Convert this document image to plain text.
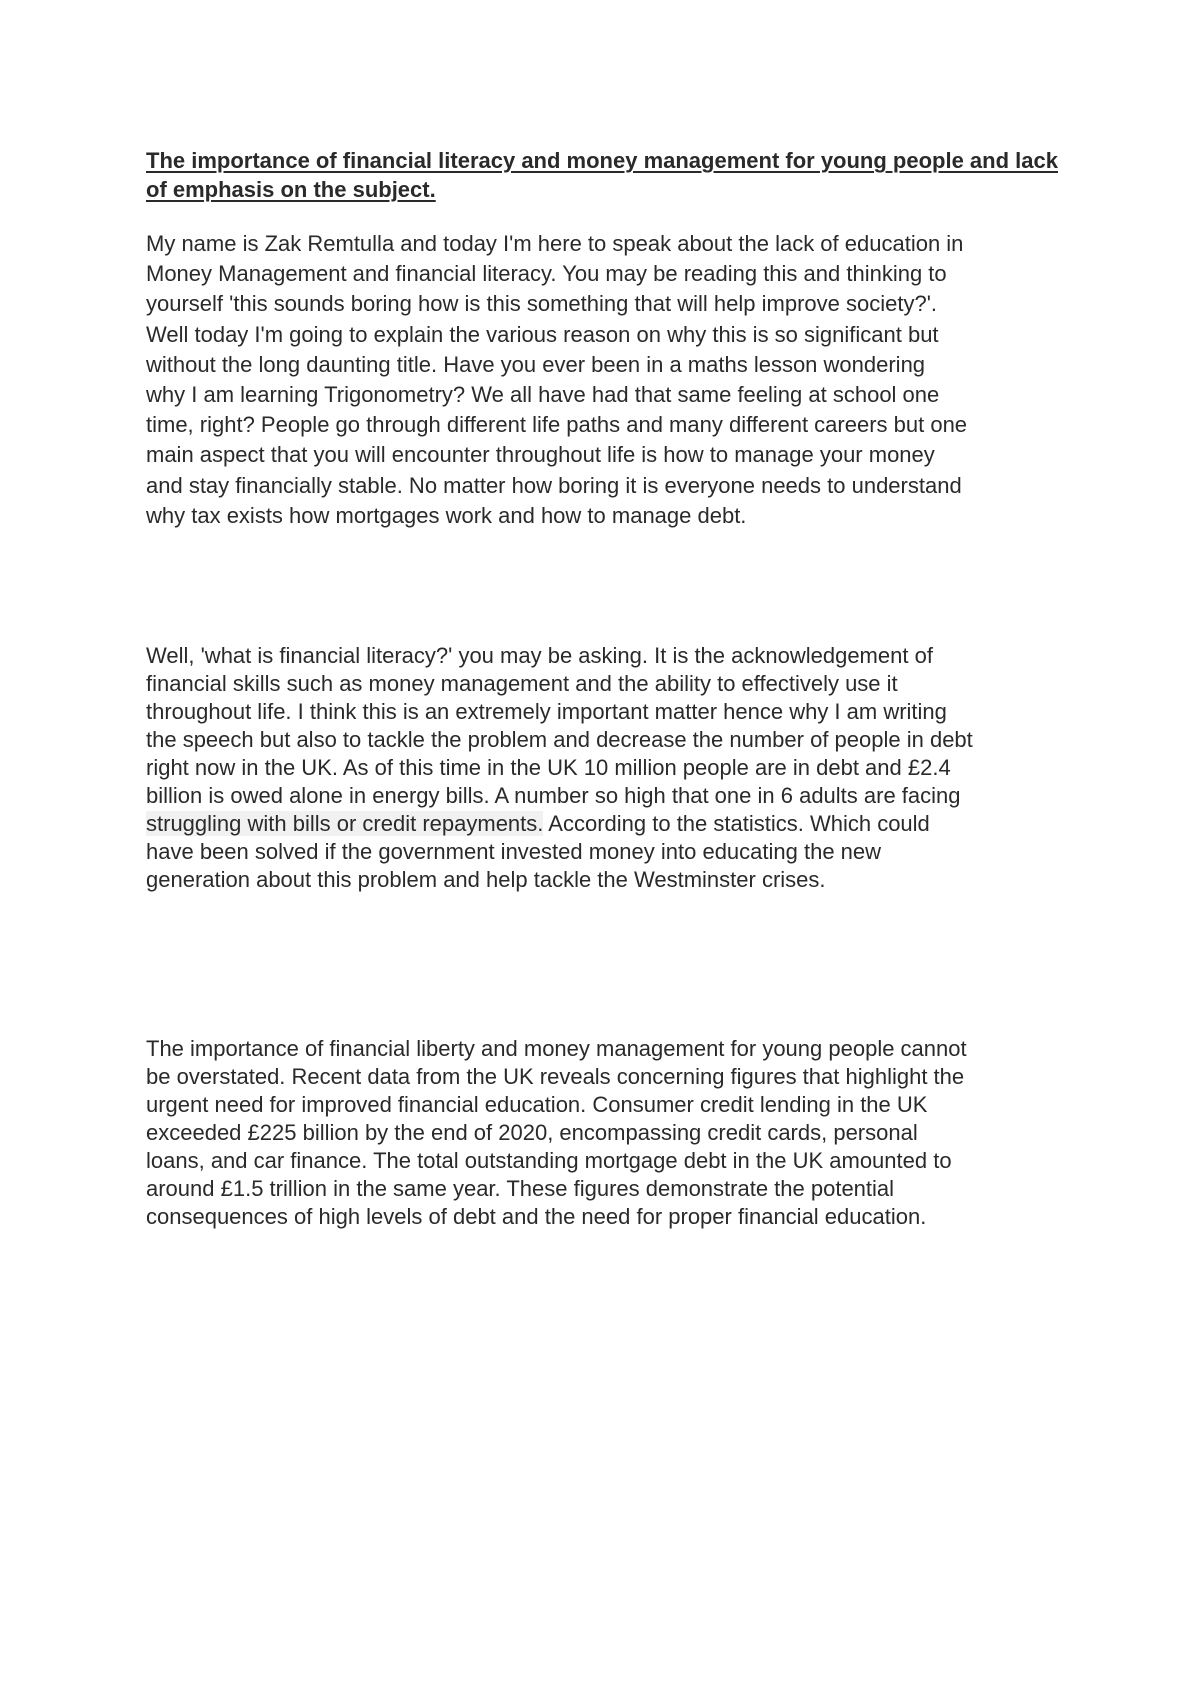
The importance of financial literacy and money management for young people and lack of emphasis on the subject.
My name is Zak Remtulla and today I'm here to speak about the lack of education in
Money Management and financial literacy. You may be reading this and thinking to
yourself 'this sounds boring how is this something that will help improve society?'.
Well today I'm going to explain the various reason on why this is so significant but
without the long daunting title. Have you ever been in a maths lesson wondering
why I am learning Trigonometry? We all have had that same feeling at school one
time, right? People go through different life paths and many different careers but one
main aspect that you will encounter throughout life is how to manage your money
and stay financially stable. No matter how boring it is everyone needs to understand
why tax exists how mortgages work and how to manage debt.
Well, 'what is financial literacy?' you may be asking. It is the acknowledgement of
financial skills such as money management and the ability to effectively use it
throughout life. I think this is an extremely important matter hence why I am writing
the speech but also to tackle the problem and decrease the number of people in debt
right now in the UK. As of this time in the UK 10 million people are in debt and £2.4
billion is owed alone in energy bills. A number so high that one in 6 adults are facing
struggling with bills or credit repayments. According to the statistics. Which could
have been solved if the government invested money into educating the new
generation about this problem and help tackle the Westminster crises.
The importance of financial liberty and money management for young people cannot
be overstated. Recent data from the UK reveals concerning figures that highlight the
urgent need for improved financial education. Consumer credit lending in the UK
exceeded £225 billion by the end of 2020, encompassing credit cards, personal
loans, and car finance. The total outstanding mortgage debt in the UK amounted to
around £1.5 trillion in the same year. These figures demonstrate the potential
consequences of high levels of debt and the need for proper financial education.
